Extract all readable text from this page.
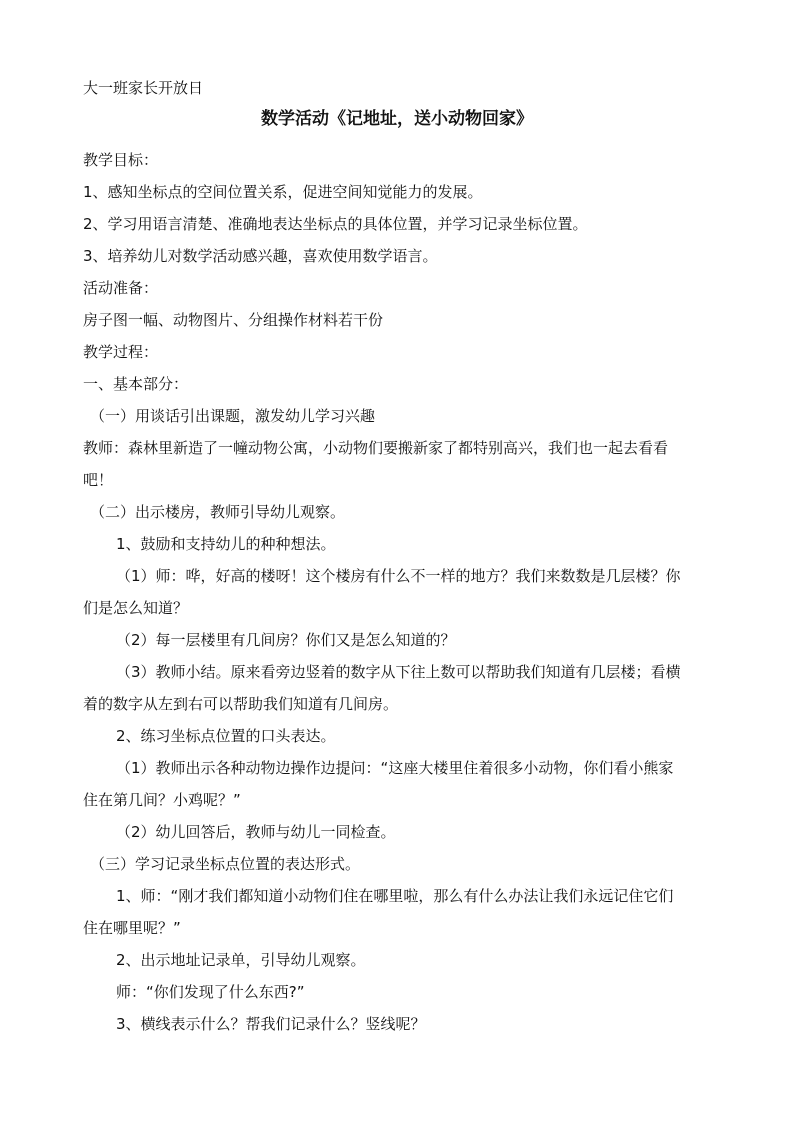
大一班家长开放日
数学活动《记地址，送小动物回家》
教学目标：
1、感知坐标点的空间位置关系，促进空间知觉能力的发展。
2、学习用语言清楚、准确地表达坐标点的具体位置，并学习记录坐标位置。
3、培养幼儿对数学活动感兴趣，喜欢使用数学语言。
活动准备：
房子图一幅、动物图片、分组操作材料若干份
教学过程：
一、基本部分：
（一）用谈话引出课题，激发幼儿学习兴趣
教师：森林里新造了一幢动物公寓，小动物们要搬新家了都特别高兴，我们也一起去看看
吧！
（二）出示楼房，教师引导幼儿观察。
1、鼓励和支持幼儿的种种想法。
（1）师：哗，好高的楼呀！这个楼房有什么不一样的地方？我们来数数是几层楼？你
们是怎么知道？
（2）每一层楼里有几间房？你们又是怎么知道的？
（3）教师小结。原来看旁边竖着的数字从下往上数可以帮助我们知道有几层楼；看横
着的数字从左到右可以帮助我们知道有几间房。
2、练习坐标点位置的口头表达。
（1）教师出示各种动物边操作边提问：“这座大楼里住着很多小动物，你们看小熊家
住在第几间？小鸡呢？”
（2）幼儿回答后，教师与幼儿一同检查。
（三）学习记录坐标点位置的表达形式。
1、师：“刚才我们都知道小动物们住在哪里啦，那么有什么办法让我们永远记住它们
住在哪里呢？”
2、出示地址记录单，引导幼儿观察。
师：“你们发现了什么东西?”
3、横线表示什么？帮我们记录什么？竖线呢？
